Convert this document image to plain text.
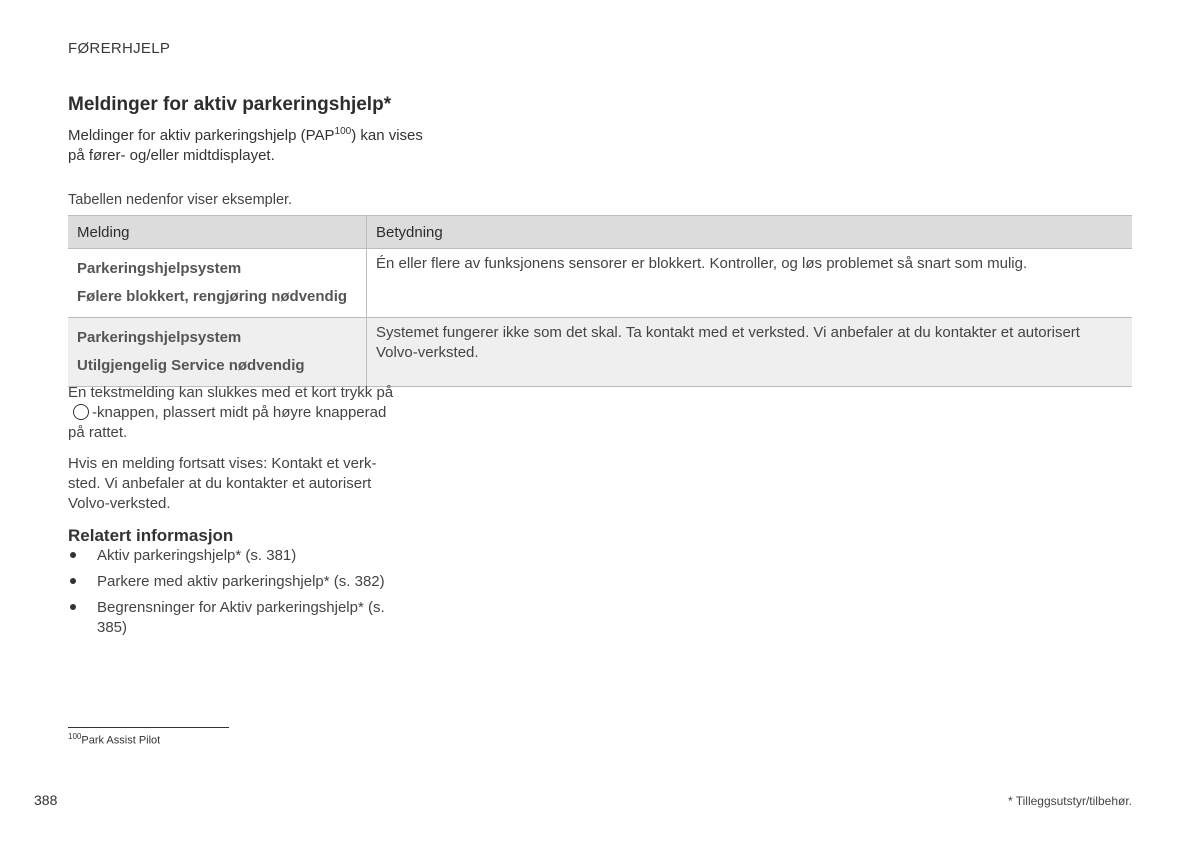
FØRERHJELP
Meldinger for aktiv parkeringshjelp*
Meldinger for aktiv parkeringshjelp (PAP$^{100}$) kan vises på fører- og/eller midtdisplayet.
Tabellen nedenfor viser eksempler.
Melding	Betydning

Parkeringshjelpsystem
Følere blokkert, rengjøring nødvendig	Én eller flere av funksjonens sensorer er blokkert. Kontroller, og løs problemet så snart som mulig.

Parkeringshjelpsystem
Utilgjengelig Service nødvendig	Systemet fungerer ikke som det skal. Ta kontakt med et verksted. Vi anbefaler at du kontakter et autorisert Volvo-verksted.
En tekstmelding kan slukkes med et kort trykk på
-knappen, plassert midt på høyre knapperad på rattet.
Hvis en melding fortsatt vises: Kontakt et verk- sted. Vi anbefaler at du kontakter et autorisert Volvo-verksted.
Relatert informasjon
Aktiv parkeringshjelp* (s. 381)
Parkere med aktiv parkeringshjelp* (s. 382)
Begrensninger for Aktiv parkeringshjelp* (s. 385)
$^{100}$Park Assist Pilot
388	* Tilleggsutstyr/tilbehør.
